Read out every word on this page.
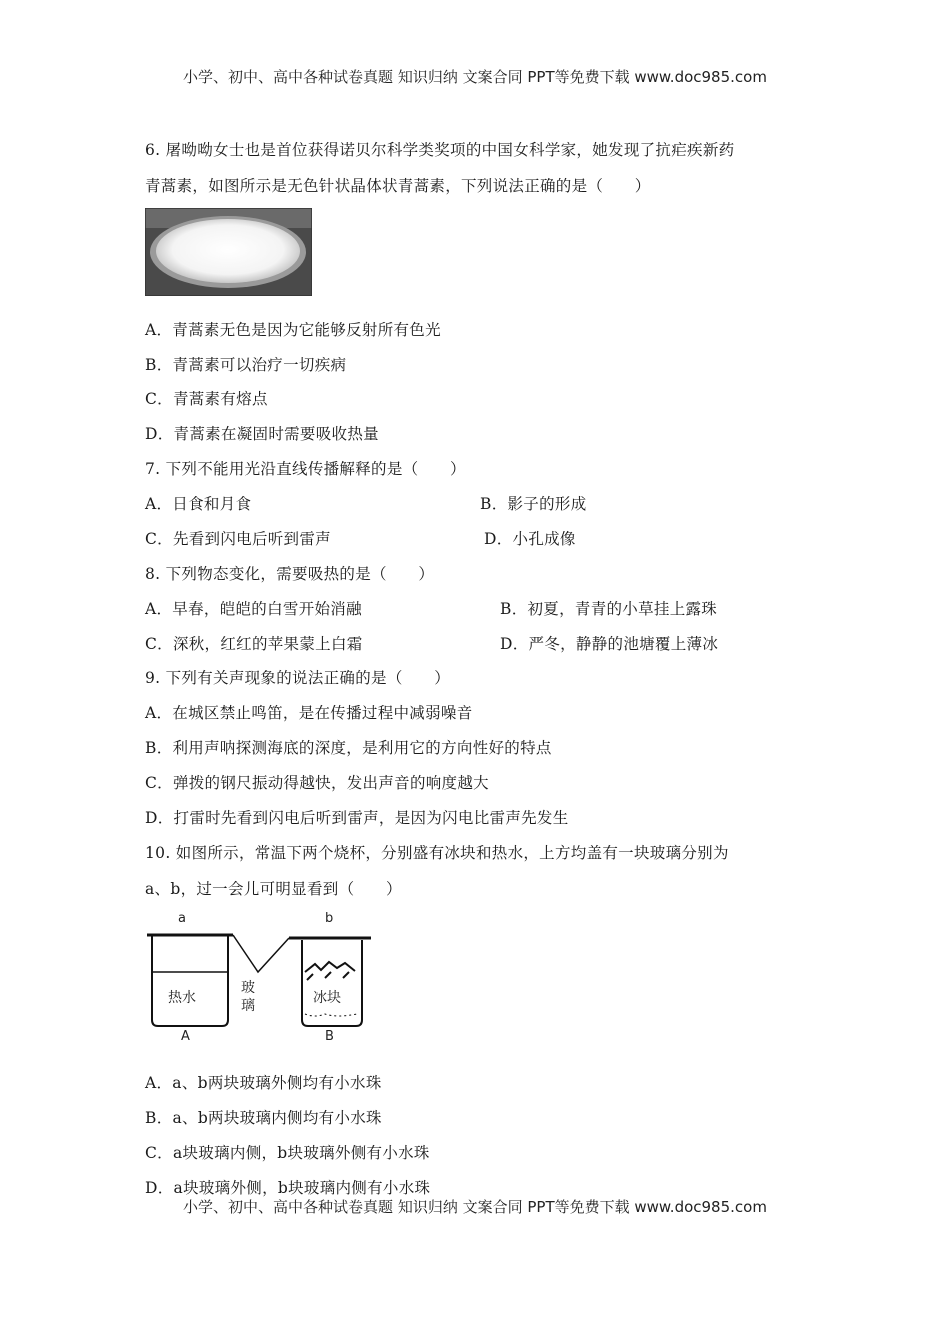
小学、初中、高中各种试卷真题 知识归纳 文案合同 PPT等免费下载 www.doc985.com
6. 屠呦呦女士也是首位获得诺贝尔科学类奖项的中国女科学家，她发现了抗疟疾新药
青蒿素，如图所示是无色针状晶体状青蒿素，下列说法正确的是（　　）
A．青蒿素无色是因为它能够反射所有色光
B．青蒿素可以治疗一切疾病
C．青蒿素有熔点
D．青蒿素在凝固时需要吸收热量
7. 下列不能用光沿直线传播解释的是（　　）
A．日食和月食	B．影子的形成
C．先看到闪电后听到雷声	D．小孔成像
8. 下列物态变化，需要吸热的是（　　）
A．早春，皑皑的白雪开始消融	B．初夏，青青的小草挂上露珠
C．深秋，红红的苹果蒙上白霜	D．严冬，静静的池塘覆上薄冰
9. 下列有关声现象的说法正确的是（　　）
A．在城区禁止鸣笛，是在传播过程中减弱噪音
B．利用声呐探测海底的深度，是利用它的方向性好的特点
C．弹拨的钢尺振动得越快，发出声音的响度越大
D．打雷时先看到闪电后听到雷声，是因为闪电比雷声先发生
10. 如图所示，常温下两个烧杯，分别盛有冰块和热水，上方均盖有一块玻璃分别为
a、b，过一会儿可明显看到（　　）
a	b
热水
A
玻
璃	冰块
B
A．a、b两块玻璃外侧均有小水珠
B．a、b两块玻璃内侧均有小水珠
C．a块玻璃内侧，b块玻璃外侧有小水珠
D．a块玻璃外侧，b块玻璃内侧有小水珠
小学、初中、高中各种试卷真题 知识归纳 文案合同 PPT等免费下载 www.doc985.com
